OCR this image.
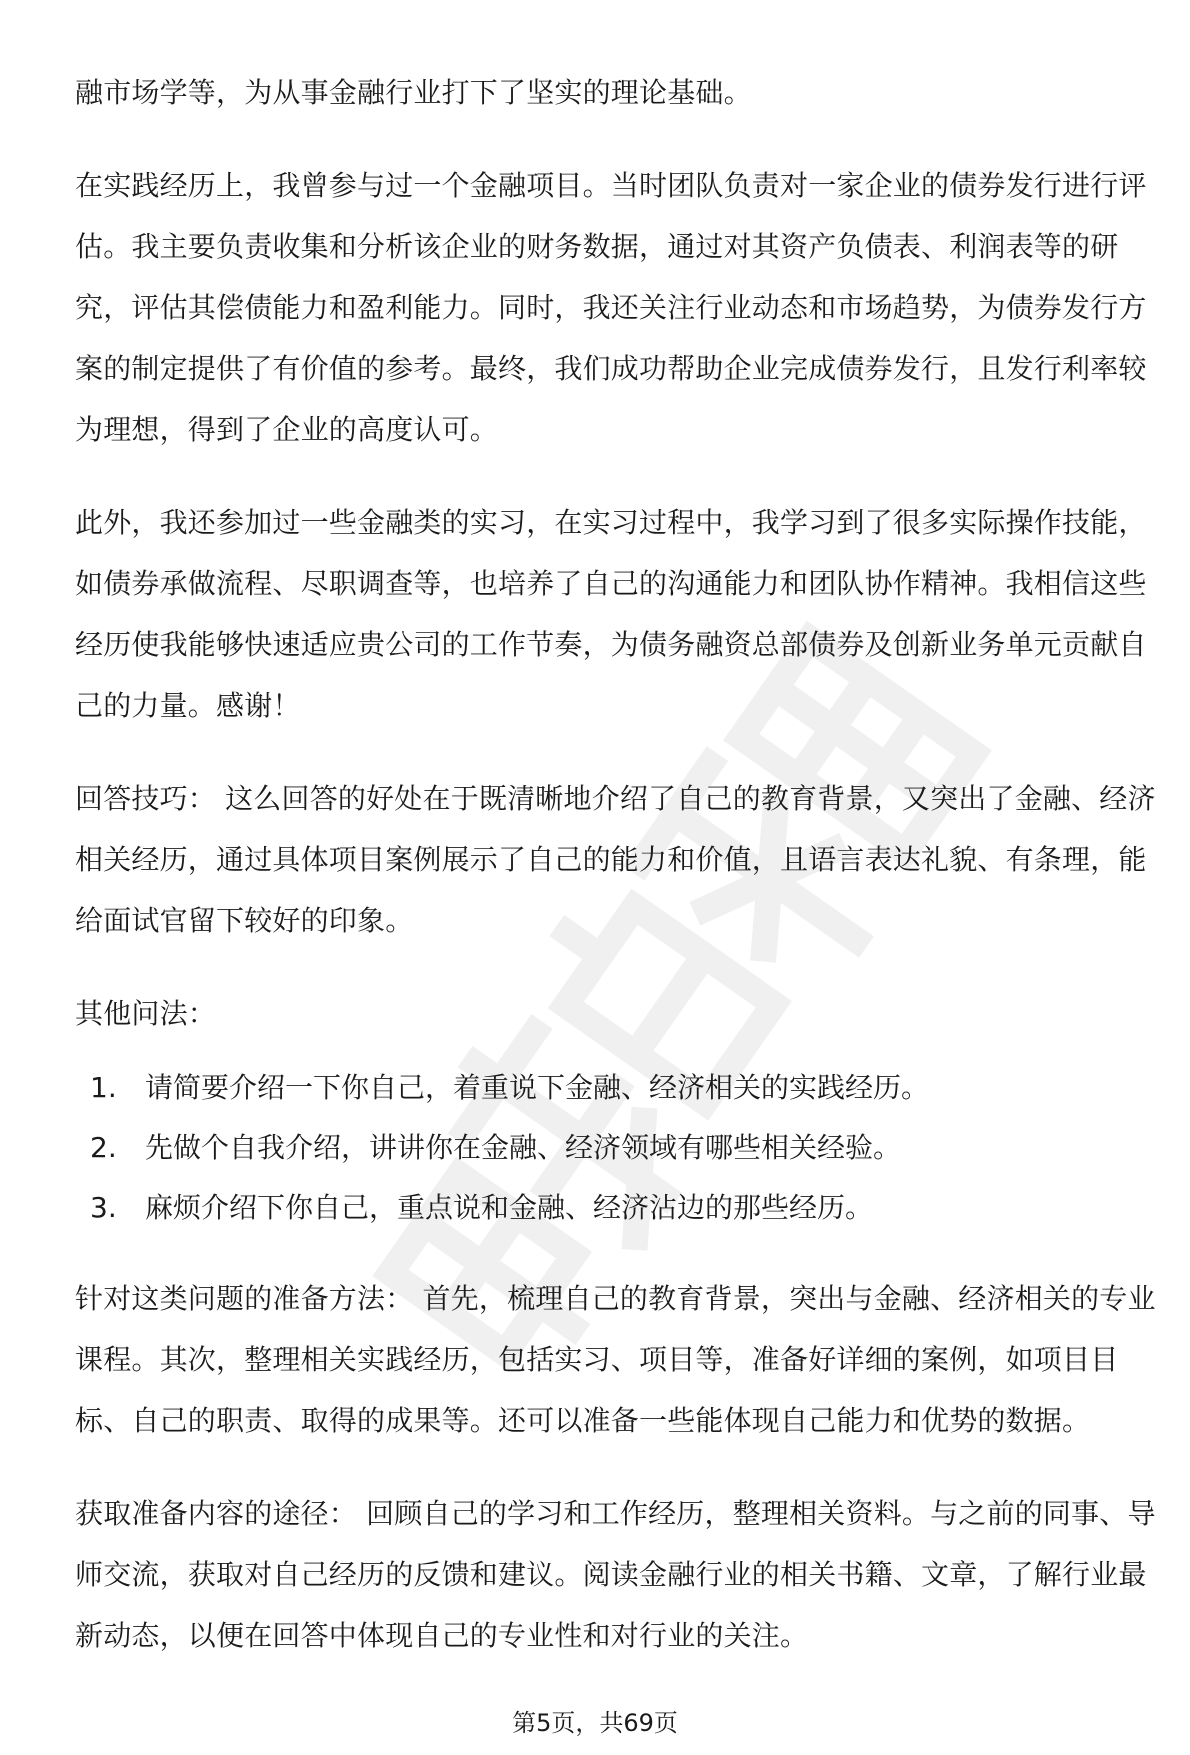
融市场学等，为从事金融行业打下了坚实的理论基础。

在实践经历上，我曾参与过一个金融项目。当时团队负责对一家企业的债券发行进行评估。我主要负责收集和分析该企业的财务数据，通过对其资产负债表、利润表等的研究，评估其偿债能力和盈利能力。同时，我还关注行业动态和市场趋势，为债券发行方案的制定提供了有价值的参考。最终，我们成功帮助企业完成债券发行，且发行利率较为理想，得到了企业的高度认可。

此外，我还参加过一些金融类的实习，在实习过程中，我学习到了很多实际操作技能，如债券承做流程、尽职调查等，也培养了自己的沟通能力和团队协作精神。我相信这些经历使我能够快速适应贵公司的工作节奏，为债务融资总部债券及创新业务单元贡献自己的力量。感谢！

回答技巧： 这么回答的好处在于既清晰地介绍了自己的教育背景，又突出了金融、经济相关经历，通过具体项目案例展示了自己的能力和价值，且语言表达礼貌、有条理，能给面试官留下较好的印象。

其他问法：

1.	请简要介绍一下你自己，着重说下金融、经济相关的实践经历。
2.	先做个自我介绍，讲讲你在金融、经济领域有哪些相关经验。
3.	麻烦介绍下你自己，重点说和金融、经济沾边的那些经历。

针对这类问题的准备方法： 首先，梳理自己的教育背景，突出与金融、经济相关的专业课程。其次，整理相关实践经历，包括实习、项目等，准备好详细的案例，如项目目标、自己的职责、取得的成果等。还可以准备一些能体现自己能力和优势的数据。

获取准备内容的途径： 回顾自己的学习和工作经历，整理相关资料。与之前的同事、导师交流，获取对自己经历的反馈和建议。阅读金融行业的相关书籍、文章，了解行业最新动态，以便在回答中体现自己的专业性和对行业的关注。

第5页，共69页
